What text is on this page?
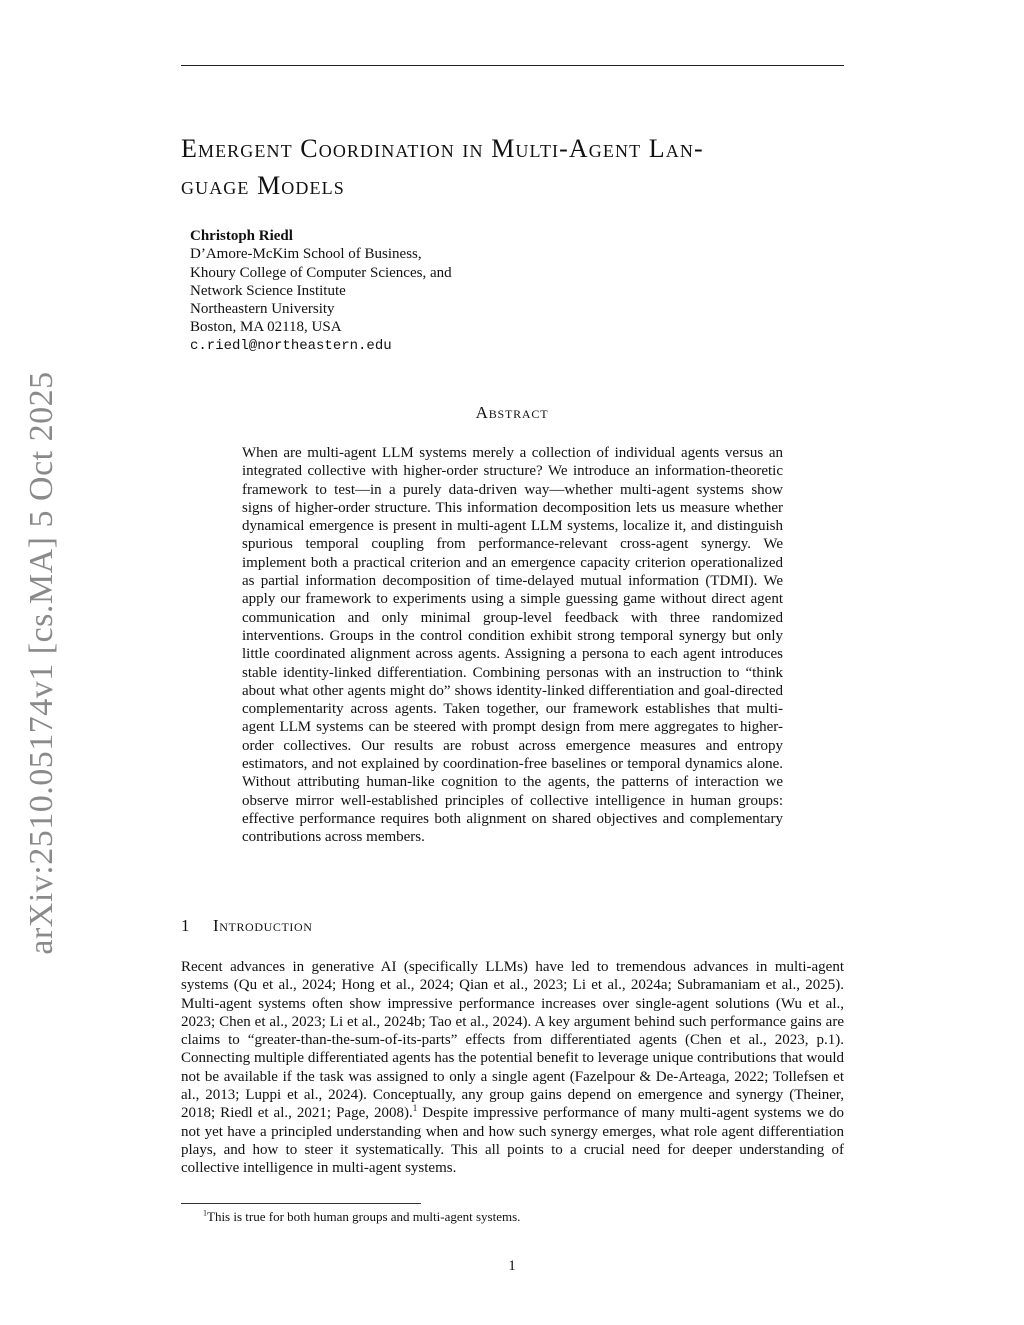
arXiv:2510.05174v1 [cs.MA] 5 Oct 2025
Emergent Coordination in Multi-Agent Lan-
guage Models
Christoph Riedl
D’Amore-McKim School of Business,
Khoury College of Computer Sciences, and
Network Science Institute
Northeastern University
Boston, MA 02118, USA
c.riedl@northeastern.edu
Abstract

When are multi-agent LLM systems merely a collection of individual agents versus an integrated collective with higher-order structure? We introduce an information-theoretic framework to test—in a purely data-driven way—whether multi-agent systems show signs of higher-order structure. This information decomposition lets us measure whether dynamical emergence is present in multi-agent LLM systems, localize it, and distinguish spurious temporal coupling from performance-relevant cross-agent synergy. We implement both a practical criterion and an emergence capacity criterion operationalized as partial information decomposition of time-delayed mutual information (TDMI). We apply our framework to experiments using a simple guessing game without direct agent communication and only minimal group-level feedback with three randomized interventions. Groups in the control condition exhibit strong temporal synergy but only little coordinated alignment across agents. Assigning a persona to each agent introduces stable identity-linked differentiation. Combining personas with an instruction to “think about what other agents might do” shows identity-linked differentiation and goal-directed complementarity across agents. Taken together, our framework establishes that multi-agent LLM systems can be steered with prompt design from mere aggregates to higher-order collectives. Our results are robust across emergence measures and entropy estimators, and not explained by coordination-free baselines or temporal dynamics alone. Without attributing human-like cognition to the agents, the patterns of interaction we observe mirror well-established principles of collective intelligence in human groups: effective performance requires both alignment on shared objectives and complementary contributions across members.

1 Introduction

Recent advances in generative AI (specifically LLMs) have led to tremendous advances in multi-agent systems (Qu et al., 2024; Hong et al., 2024; Qian et al., 2023; Li et al., 2024a; Subramaniam et al., 2025). Multi-agent systems often show impressive performance increases over single-agent solutions (Wu et al., 2023; Chen et al., 2023; Li et al., 2024b; Tao et al., 2024). A key argument behind such performance gains are claims to “greater-than-the-sum-of-its-parts” effects from differentiated agents (Chen et al., 2023, p.1). Connecting multiple differentiated agents has the potential benefit to leverage unique contributions that would not be available if the task was assigned to only a single agent (Fazelpour & De-Arteaga, 2022; Tollefsen et al., 2013; Luppi et al., 2024). Conceptually, any group gains depend on emergence and synergy (Theiner, 2018; Riedl et al., 2021; Page, 2008).$^1$ Despite impressive performance of many multi-agent systems we do not yet have a principled understanding when and how such synergy emerges, what role agent differentiation plays, and how to steer it systematically. This all points to a crucial need for deeper understanding of collective intelligence in multi-agent systems.

$^1$This is true for both human groups and multi-agent systems.

1
